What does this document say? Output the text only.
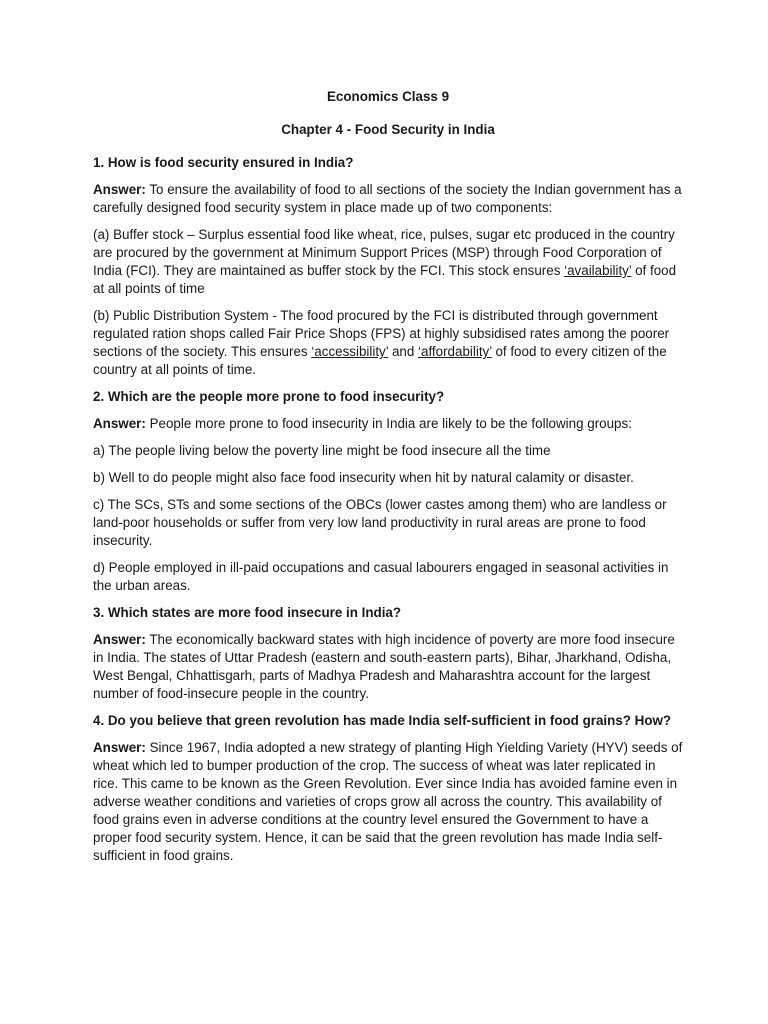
Economics Class 9

Chapter 4 - Food Security in India

1. How is food security ensured in India?

Answer: To ensure the availability of food to all sections of the society the Indian government has a carefully designed food security system in place made up of two components:

(a) Buffer stock – Surplus essential food like wheat, rice, pulses, sugar etc produced in the country are procured by the government at Minimum Support Prices (MSP) through Food Corporation of India (FCI). They are maintained as buffer stock by the FCI. This stock ensures ‘availability’ of food at all points of time

(b) Public Distribution System - The food procured by the FCI is distributed through government regulated ration shops called Fair Price Shops (FPS) at highly subsidised rates among the poorer sections of the society. This ensures ‘accessibility’ and ‘affordability’ of food to every citizen of the country at all points of time.

2. Which are the people more prone to food insecurity?

Answer: People more prone to food insecurity in India are likely to be the following groups:

a) The people living below the poverty line might be food insecure all the time

b) Well to do people might also face food insecurity when hit by natural calamity or disaster.

c) The SCs, STs and some sections of the OBCs (lower castes among them) who are landless or land-poor households or suffer from very low land productivity in rural areas are prone to food insecurity.

d) People employed in ill-paid occupations and casual labourers engaged in seasonal activities in the urban areas.

3. Which states are more food insecure in India?

Answer: The economically backward states with high incidence of poverty are more food insecure in India. The states of Uttar Pradesh (eastern and south-eastern parts), Bihar, Jharkhand, Odisha, West Bengal, Chhattisgarh, parts of Madhya Pradesh and Maharashtra account for the largest number of food-insecure people in the country.

4. Do you believe that green revolution has made India self-sufficient in food grains? How?

Answer: Since 1967, India adopted a new strategy of planting High Yielding Variety (HYV) seeds of wheat which led to bumper production of the crop. The success of wheat was later replicated in rice. This came to be known as the Green Revolution. Ever since India has avoided famine even in adverse weather conditions and varieties of crops grow all across the country. This availability of food grains even in adverse conditions at the country level ensured the Government to have a proper food security system. Hence, it can be said that the green revolution has made India self-sufficient in food grains.
